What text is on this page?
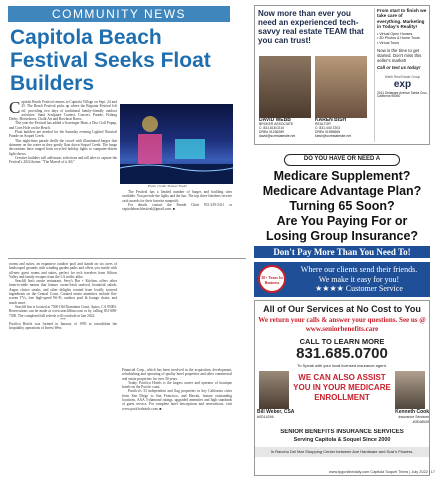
COMMUNITY NEWS
Capitola Beach Festival Seeks Float Builders
C apitola Beach Festival returns to Capitola Village on Sept. 24 and 25. The Beach Festival picks up where the Begonia Festival left off, providing two days of traditional family-friendly outdoor activities: Sand Sculpture Contest, Concert, Parade, Fishing Derby, Horseshoes, Chalk Art and Rowboat Races.

This year the Festival has added a Scavenger Hunt, a Disc Golf Popup, and Corn Hole on the Beach.

Float builders are needed for the Saturday evening Lighted Nautical Parade on Soquel Creek.

This night-time parade thrills the crowd with illuminated barges that shimmer on the water as they gently float down Soquel Creek. The barge decorations have ranged from recycled holiday lights to computer-driven light shows.

Creative builders will add music selections and tall tales to capture the Festival's 2022 theme: "The Marvel of it All."

Photo Credit: Shmuel Thaler

The Festival has a limited number of barges and building sites available. You provide the lights and the fun. The top three finishers receive cash awards for their favorite nonprofit.

For details contact the Parade Chair 831-239-5411 or capitolabeachfestival@gmail.com. ■

rooms and suites, an expansive outdoor pool and stands on six acres of landscaped grounds with winding garden paths and offers you inside with all-new guest rooms and suites, perfect for tech travelers from Silicon Valley and family escapes from the LA traffic alike.

Seacliff Inn's onsite restaurant, Sevy's Bar + Kitchen, offers other farm-to-table menus that feature ocean-fresh seafood, bountiful salads, Angus choice steaks, and other delights created from locally sourced ingredients on the Central Coast. Curated onsite amenities include flat-screen TVs, free high-speed Wi-Fi, outdoor pool & lounge chairs, and much more.

Seacliff Inn is located at 7500 Old Dominion Court, Aptos, CA 95003. Reservations can be made at www.seacliffinn.com or by calling 831-688-7300. The completed full refresh will conclude in late 2022.

***

Pacifica Hotels was formed in January of 1993 to consolidate the hospitality operations of Invest West

Financial Corp., which has been involved in the acquisition, development, refurbishing and operating of quality hotel properties and other commercial real estate properties for over 30 years.

Today, Pacifica Hotels is the largest owner and operator of boutique hotels on the Pacific coast.

Pacifica's 33 independent and flag properties in key California cities from San Diego to San Francisco, and Hawaii, feature outstanding locations, AAA 3-diamond ratings, upgraded amenities and high standards of guest service. For complete hotel descriptions and reservations, visit www.pacificahotels.com. ■

Now more than ever you need an experienced tech-savvy real estate TEAM that you can trust!
From start to finish we take care of everything. Marketing in Today's Reality!
• Virtual Open Houses
• 3D Photos & Home Tours
• Virtual Tours
Now is the time to get started. Don't miss this seller's market!
Call or text us today!
Webb Real Estate Group
exp
2161 Delaware Avenue Santa Cruz, California 95060
DAVID WEBB
BROKER ASSOCIATE
C: 831.818.0210
DRE# 01236289
david@screstatesite.net
KAREN BISH
REALTOR
C: 831.440.7203
DRE# 01955665
kbish@screstatesite.net
DO YOU HAVE OR NEED A
Medicare Supplement?
Medicare Advantage Plan?
Turning 65 Soon?
Are You Paying For or
Losing Group Insurance?
Don't Pay More Than You Need To!
20+ Years In Business
Where our clients send their friends.
We make it easy for you!
★★★★ Customer Service
All of Our Services at No Cost to You
We return your calls & answer your questions. See us @ www.seniorbenefits.care
CALL TO LEARN MORE
831.685.0700
To Speak with your local licensed insurance agent.
WE CAN ALSO ASSIST YOU IN YOUR MEDICARE ENROLLMENT
Bill Weber, CSA
#0D14246
Kenneth Cook
Insurance Services
#0E48549
SENIOR BENEFITS INSURANCE SERVICES
Serving Capitola & Soquel Since 2000
In Rancho Del Mar Shopping Center between Ace Hardware and Susi's Flowers.
www.tpgonlinedaily.com Capitola Soquel Times | July 2022 | 17
